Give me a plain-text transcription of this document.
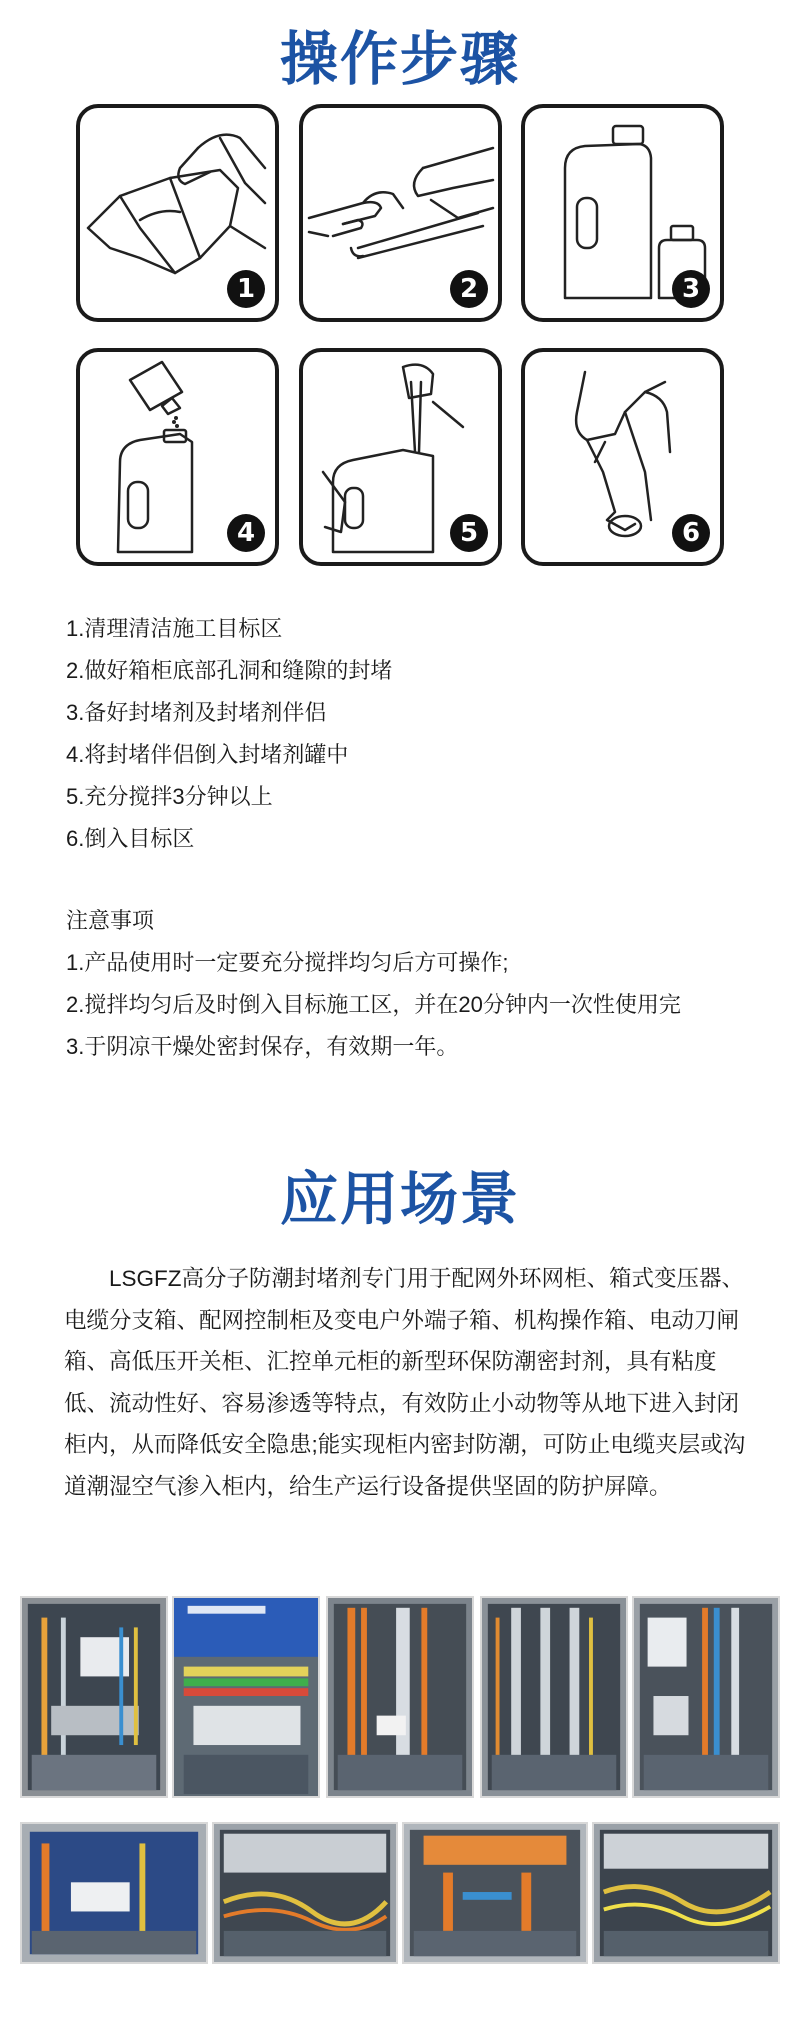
操作步骤
1	2	3
4	5	6
1.清理清洁施工目标区
2.做好箱柜底部孔洞和缝隙的封堵
3.备好封堵剂及封堵剂伴侣
4.将封堵伴侣倒入封堵剂罐中
5.充分搅拌3分钟以上
6.倒入目标区
注意事项
1.产品使用时一定要充分搅拌均匀后方可操作;
2.搅拌均匀后及时倒入目标施工区，并在20分钟内一次性使用完
3.于阴凉干燥处密封保存，有效期一年。
应用场景
LSGFZ高分子防潮封堵剂专门用于配网外环网柜、箱式变压器、电缆分支箱、配网控制柜及变电户外端子箱、机构操作箱、电动刀闸箱、高低压开关柜、汇控单元柜的新型环保防潮密封剂，具有粘度低、流动性好、容易渗透等特点，有效防止小动物等从地下进入封闭柜内，从而降低安全隐患;能实现柜内密封防潮，可防止电缆夹层或沟道潮湿空气渗入柜内，给生产运行设备提供坚固的防护屏障。
